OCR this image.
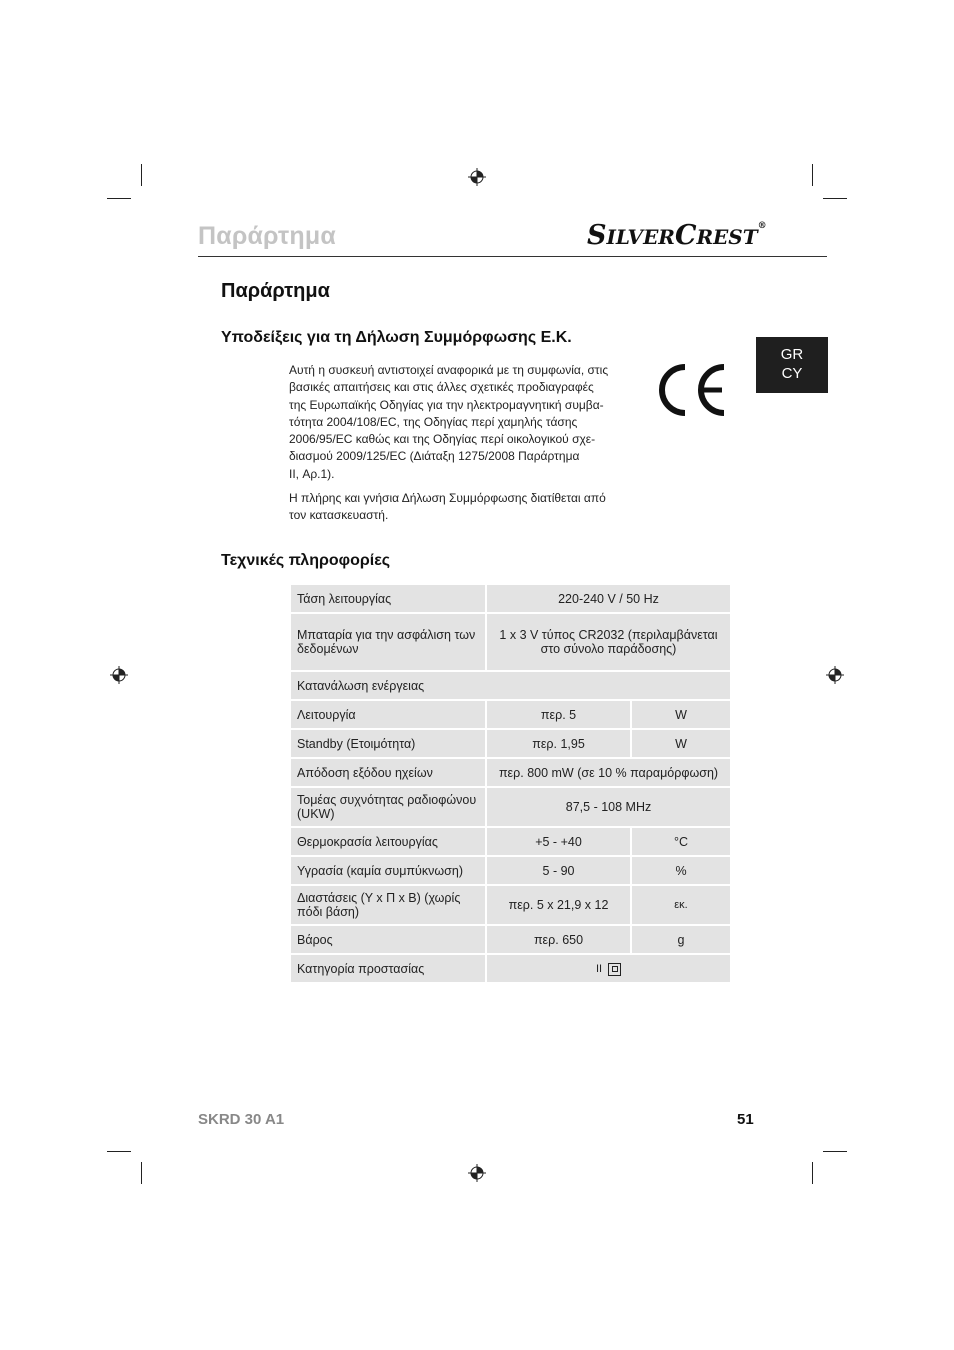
Παράρτημα	SILVERCREST®
Παράρτημα
GR
CY
Υποδείξεις για τη Δήλωση Συμμόρφωσης Ε.Κ.
Αυτή η συσκευή αντιστοιχεί αναφορικά με τη συμφωνία, στις
βασικές απαιτήσεις και στις άλλες σχετικές προδιαγραφές
της Ευρωπαϊκής Οδηγίας για την ηλεκτρομαγνητική συμβα-
τότητα 2004/108/EC, της Οδηγίας περί χαμηλής τάσης
2006/95/EC καθώς και της Οδηγίας περί οικολογικού σχε-
διασμού 2009/125/EC (Διάταξη 1275/2008 Παράρτημα
II, Αρ.1).
Η πλήρης και γνήσια Δήλωση Συμμόρφωσης διατίθεται από
τον κατασκευαστή.
Τεχνικές πληροφορίες
Τάση λειτουργίας	220-240 V / 50 Hz	
Μπαταρία για την ασφάλιση των δεδομένων	1 x 3 V τύπος CR2032 (περιλαμβάνεται στο σύνολο παράδοσης)	
Κατανάλωση ενέργειας		
Λειτουργία	περ. 5	W
Standby (Ετοιμότητα)	περ. 1,95	W
Απόδοση εξόδου ηχείων	περ. 800 mW (σε 10 % παραμόρφωση)	
Τομέας συχνότητας ραδιοφώνου (UKW)	87,5 - 108 MHz	
Θερμοκρασία λειτουργίας	+5 - +40	°C
Υγρασία (καμία συμπύκνωση)	5 - 90	%
Διαστάσεις (Υ x Π x Β) (χωρίς πόδι βάση)	περ. 5 x 21,9 x 12	εκ.
Βάρος	περ. 650	g
Κατηγορία προστασίας	II	
SKRD 30 A1	51
